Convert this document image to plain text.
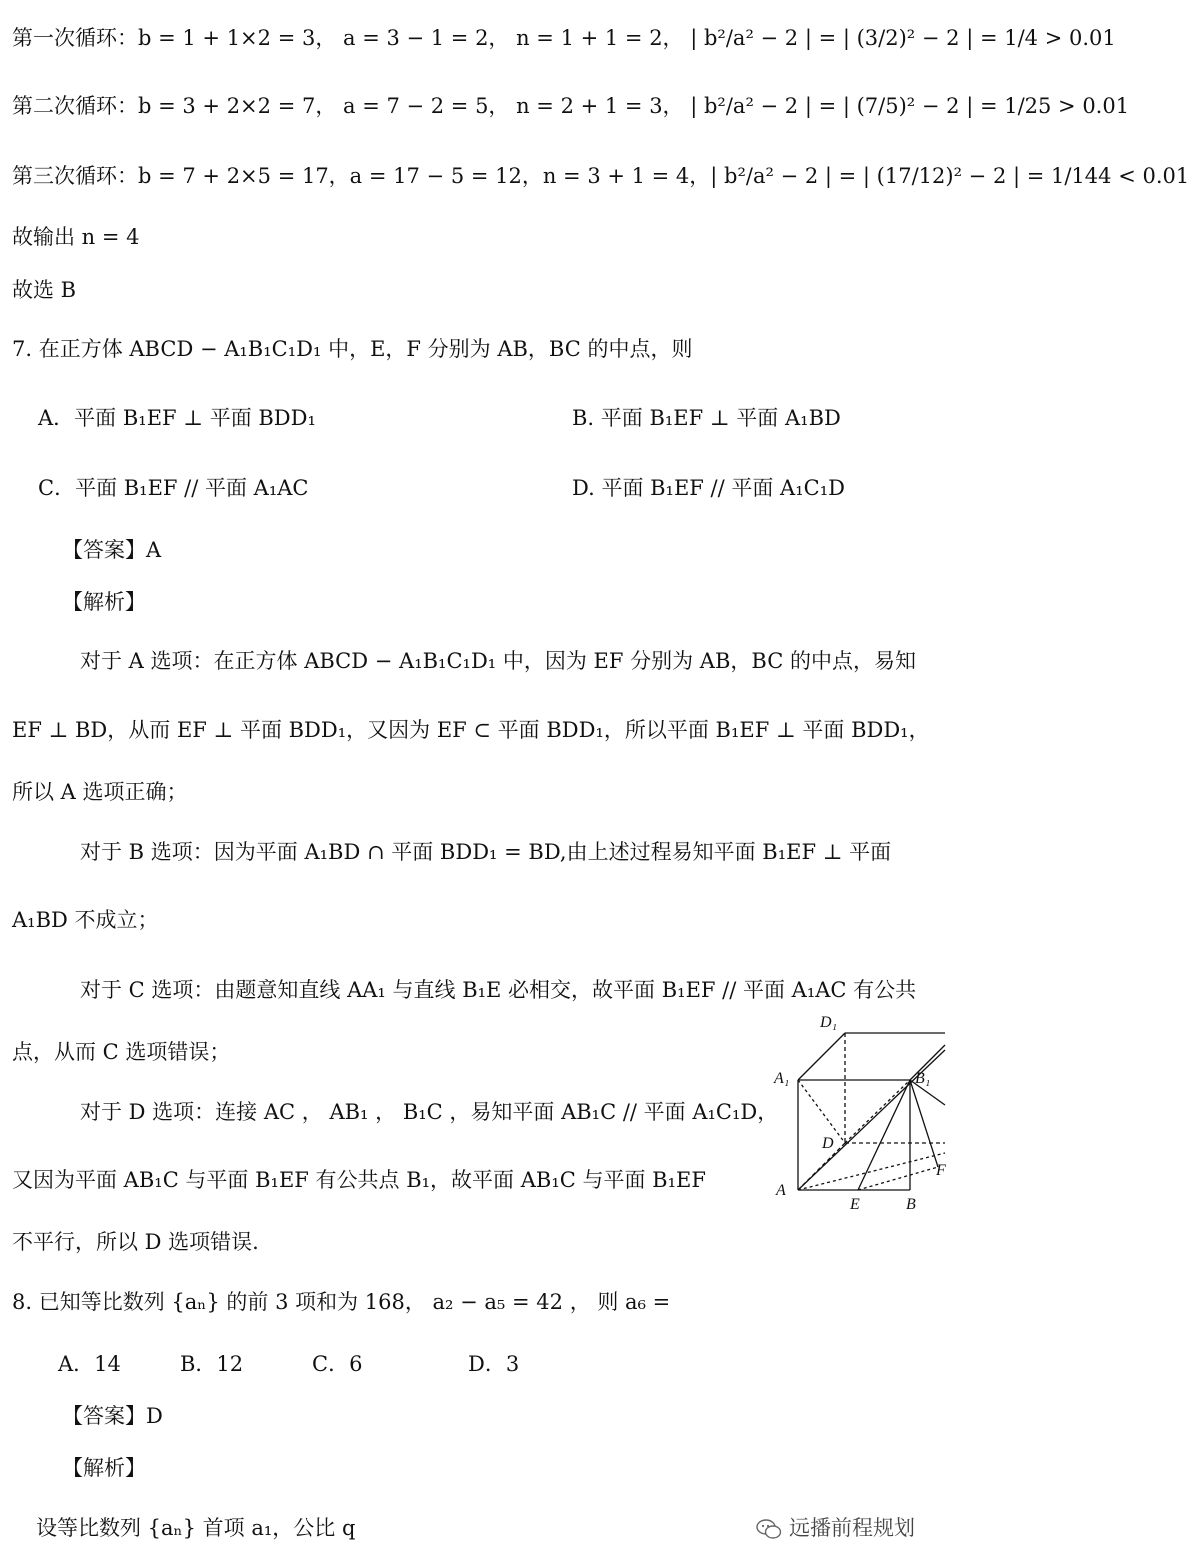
第一次循环：b = 1 + 1×2 = 3， a = 3 − 1 = 2， n = 1 + 1 = 2， | b²/a² − 2 | = | (3/2)² − 2 | = 1/4 > 0.01
第二次循环：b = 3 + 2×2 = 7， a = 7 − 2 = 5， n = 2 + 1 = 3， | b²/a² − 2 | = | (7/5)² − 2 | = 1/25 > 0.01
第三次循环：b = 7 + 2×5 = 17，a = 17 − 5 = 12，n = 3 + 1 = 4，| b²/a² − 2 | = | (17/12)² − 2 | = 1/144 < 0.01
故输出 n = 4
故选 B
7. 在正方体 ABCD − A₁B₁C₁D₁ 中，E，F 分别为 AB，BC 的中点，则
A．平面 B₁EF ⊥ 平面 BDD₁	B. 平面 B₁EF ⊥ 平面 A₁BD
C．平面 B₁EF // 平面 A₁AC	D. 平面 B₁EF // 平面 A₁C₁D
【答案】A
【解析】
对于 A 选项：在正方体 ABCD − A₁B₁C₁D₁ 中，因为 EF 分别为 AB，BC 的中点，易知
EF ⊥ BD，从而 EF ⊥ 平面 BDD₁，又因为 EF ⊂ 平面 BDD₁，所以平面 B₁EF ⊥ 平面 BDD₁，
所以 A 选项正确；
对于 B 选项：因为平面 A₁BD ∩ 平面 BDD₁ = BD,由上述过程易知平面 B₁EF ⊥ 平面
A₁BD 不成立；
对于 C 选项：由题意知直线 AA₁ 与直线 B₁E 必相交，故平面 B₁EF // 平面 A₁AC 有公共
点，从而 C 选项错误；
对于 D 选项：连接 AC ， AB₁ ， B₁C ，易知平面 AB₁C // 平面 A₁C₁D，
又因为平面 AB₁C 与平面 B₁EF 有公共点 B₁，故平面 AB₁C 与平面 B₁EF
不平行，所以 D 选项错误.
D₁
A₁	B₁
D
A
E	B
F
8. 已知等比数列 {aₙ} 的前 3 项和为 168， a₂ − a₅ = 42 ， 则 a₆ =
A．14	B．12	C．6	D．3
【答案】D
【解析】
设等比数列 {aₙ} 首项 a₁，公比 q	远播前程规划
